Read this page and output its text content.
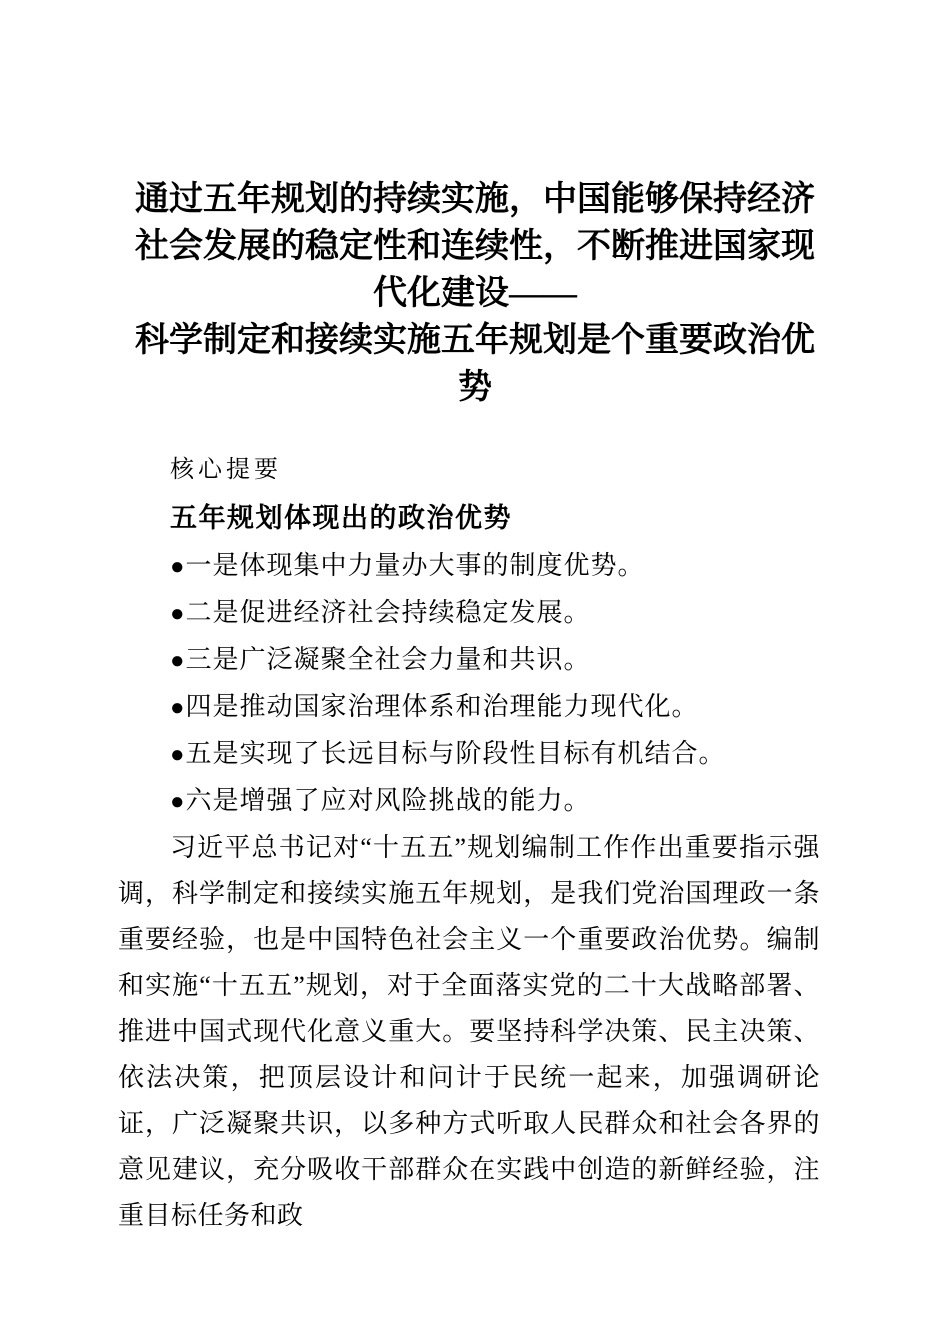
通过五年规划的持续实施，中国能够保持经济社会发展的稳定性和连续性，不断推进国家现代化建设——
科学制定和接续实施五年规划是个重要政治优势

核心提要

五年规划体现出的政治优势
●一是体现集中力量办大事的制度优势。
●二是促进经济社会持续稳定发展。
●三是广泛凝聚全社会力量和共识。
●四是推动国家治理体系和治理能力现代化。
●五是实现了长远目标与阶段性目标有机结合。
●六是增强了应对风险挑战的能力。

习近平总书记对“十五五”规划编制工作作出重要指示强调，科学制定和接续实施五年规划，是我们党治国理政一条重要经验，也是中国特色社会主义一个重要政治优势。编制和实施“十五五”规划，对于全面落实党的二十大战略部署、推进中国式现代化意义重大。要坚持科学决策、民主决策、依法决策，把顶层设计和问计于民统一起来，加强调研论证，广泛凝聚共识，以多种方式听取人民群众和社会各界的意见建议，充分吸收干部群众在实践中创造的新鲜经验，注重目标任务和政
